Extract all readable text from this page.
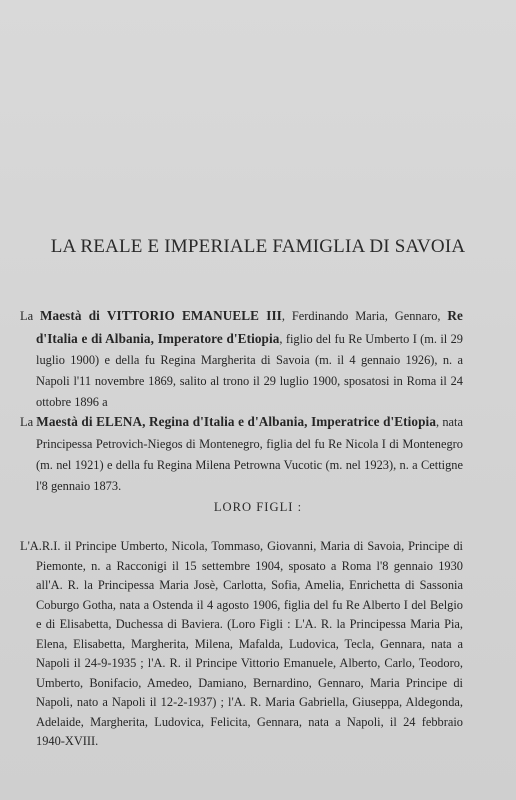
LA REALE E IMPERIALE FAMIGLIA DI SAVOIA

La Maestà di VITTORIO EMANUELE III, Ferdinando Maria, Gennaro, Re d'Italia e di Albania, Imperatore d'Etiopia, figlio del fu Re Umberto I (m. il 29 luglio 1900) e della fu Regina Margherita di Savoia (m. il 4 gennaio 1926), n. a Napoli l'11 novembre 1869, salito al trono il 29 luglio 1900, sposatosi in Roma il 24 ottobre 1896 a

La Maestà di ELENA, Regina d'Italia e d'Albania, Imperatrice d'Etiopia, nata Principessa Petrovich-Niegos di Montenegro, figlia del fu Re Nicola I di Montenegro (m. nel 1921) e della fu Regina Milena Petrowna Vucotic (m. nel 1923), n. a Cettigne l'8 gennaio 1873.

LORO FIGLI :

L'A.R.I. il Principe Umberto, Nicola, Tommaso, Giovanni, Maria di Savoia, Principe di Piemonte, n. a Racconigi il 15 settembre 1904, sposato a Roma l'8 gennaio 1930 all'A. R. la Principessa Maria Josè, Carlotta, Sofia, Amelia, Enrichetta di Sassonia Coburgo Gotha, nata a Ostenda il 4 agosto 1906, figlia del fu Re Alberto I del Belgio e di Elisabetta, Duchessa di Baviera. (Loro Figli : L'A. R. la Principessa Maria Pia, Elena, Elisabetta, Margherita, Milena, Mafalda, Ludovica, Tecla, Gennara, nata a Napoli il 24-9-1935 ; l'A. R. il Principe Vittorio Emanuele, Alberto, Carlo, Teodoro, Umberto, Bonifacio, Amedeo, Damiano, Bernardino, Gennaro, Maria Principe di Napoli, nato a Napoli il 12-2-1937) ; l'A. R. Maria Gabriella, Giuseppa, Aldegonda, Adelaide, Margherita, Ludovica, Felicita, Gennara, nata a Napoli, il 24 febbraio 1940-XVIII.
